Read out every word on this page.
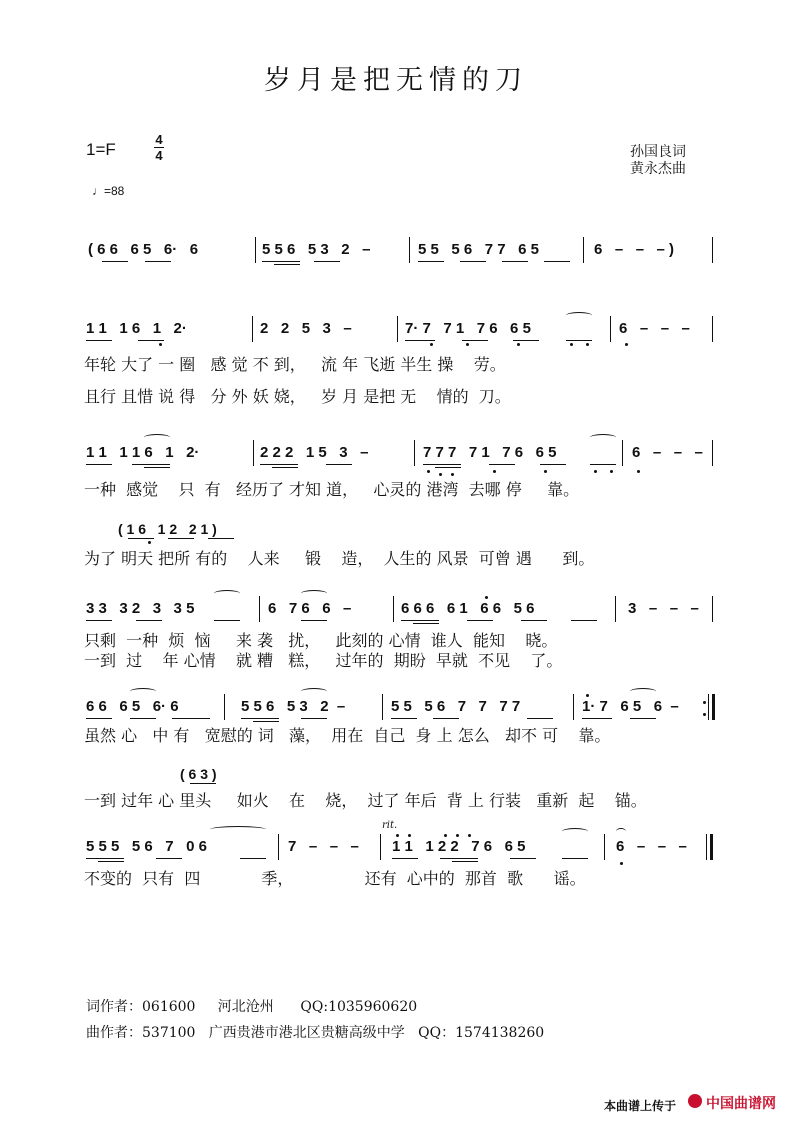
岁月是把无情的刀
1=F
4
4	孙国良词
黄永杰曲
♩=88
( 6 6   6 5   6·   6	5 5 6   5 3   2   –	5 5   5 6   7 7   6 5	6   –   –   – )
1 1   1 6   1   2·	2   2   5   3   –	7· 7   7 1   7 6   6 5	6   –   –   –
年轮 大了 一 圈   感 觉 不 到，   流 年 飞逝 半生 操    劳。
且行 且惜 说 得   分 外 妖 娆，   岁 月 是把 无    情的  刀。
1 1   1 1 6   1   2·	2 2 2   1 5   3   –	7 7 7   7 1   7 6   6 5	6   –   –   –
一种  感觉    只  有   经历了 才知 道，   心灵的 港湾  去哪 停     靠。
( 1 6   1 2   2 1 )
为了 明天 把所 有的    人来     锻    造，  人生的 风景  可曾 遇      到。
3 3   3 2   3   3 5	6   7 6   6   –	6 6 6   6 1   6 6   5 6	3   –   –   –
只剩  一种  烦  恼     来 袭   扰，   此刻的 心情  谁人  能知    晓。
一到  过    年 心情    就 糟   糕，   过年的  期盼  早就  不见    了。
6 6   6 5   6· 6	5 5 6   5 3   2  –	5 5   5 6   7   7   7 7	1· 7   6 5   6  –
虽然 心   中 有   宽慰的 词   藻，  用在  自己  身 上 怎么   却不 可    靠。
( 6 3 )
一到 过年 心 里头     如火    在    烧，  过了 年后  背 上 行装   重新  起    锚。
rit.
5 5 5   5 6   7   0 6	7   –   –   – 1 1   1 2 2   7 6   6 5	6   –   –   –
不变的  只有  四            季，              还有  心中的  那首  歌      谣。
词作者：061600     河北沧州      QQ:1035960620
曲作者：537100   广西贵港市港北区贵糖高级中学   QQ：1574138260
本曲谱上传于 中国曲谱网
